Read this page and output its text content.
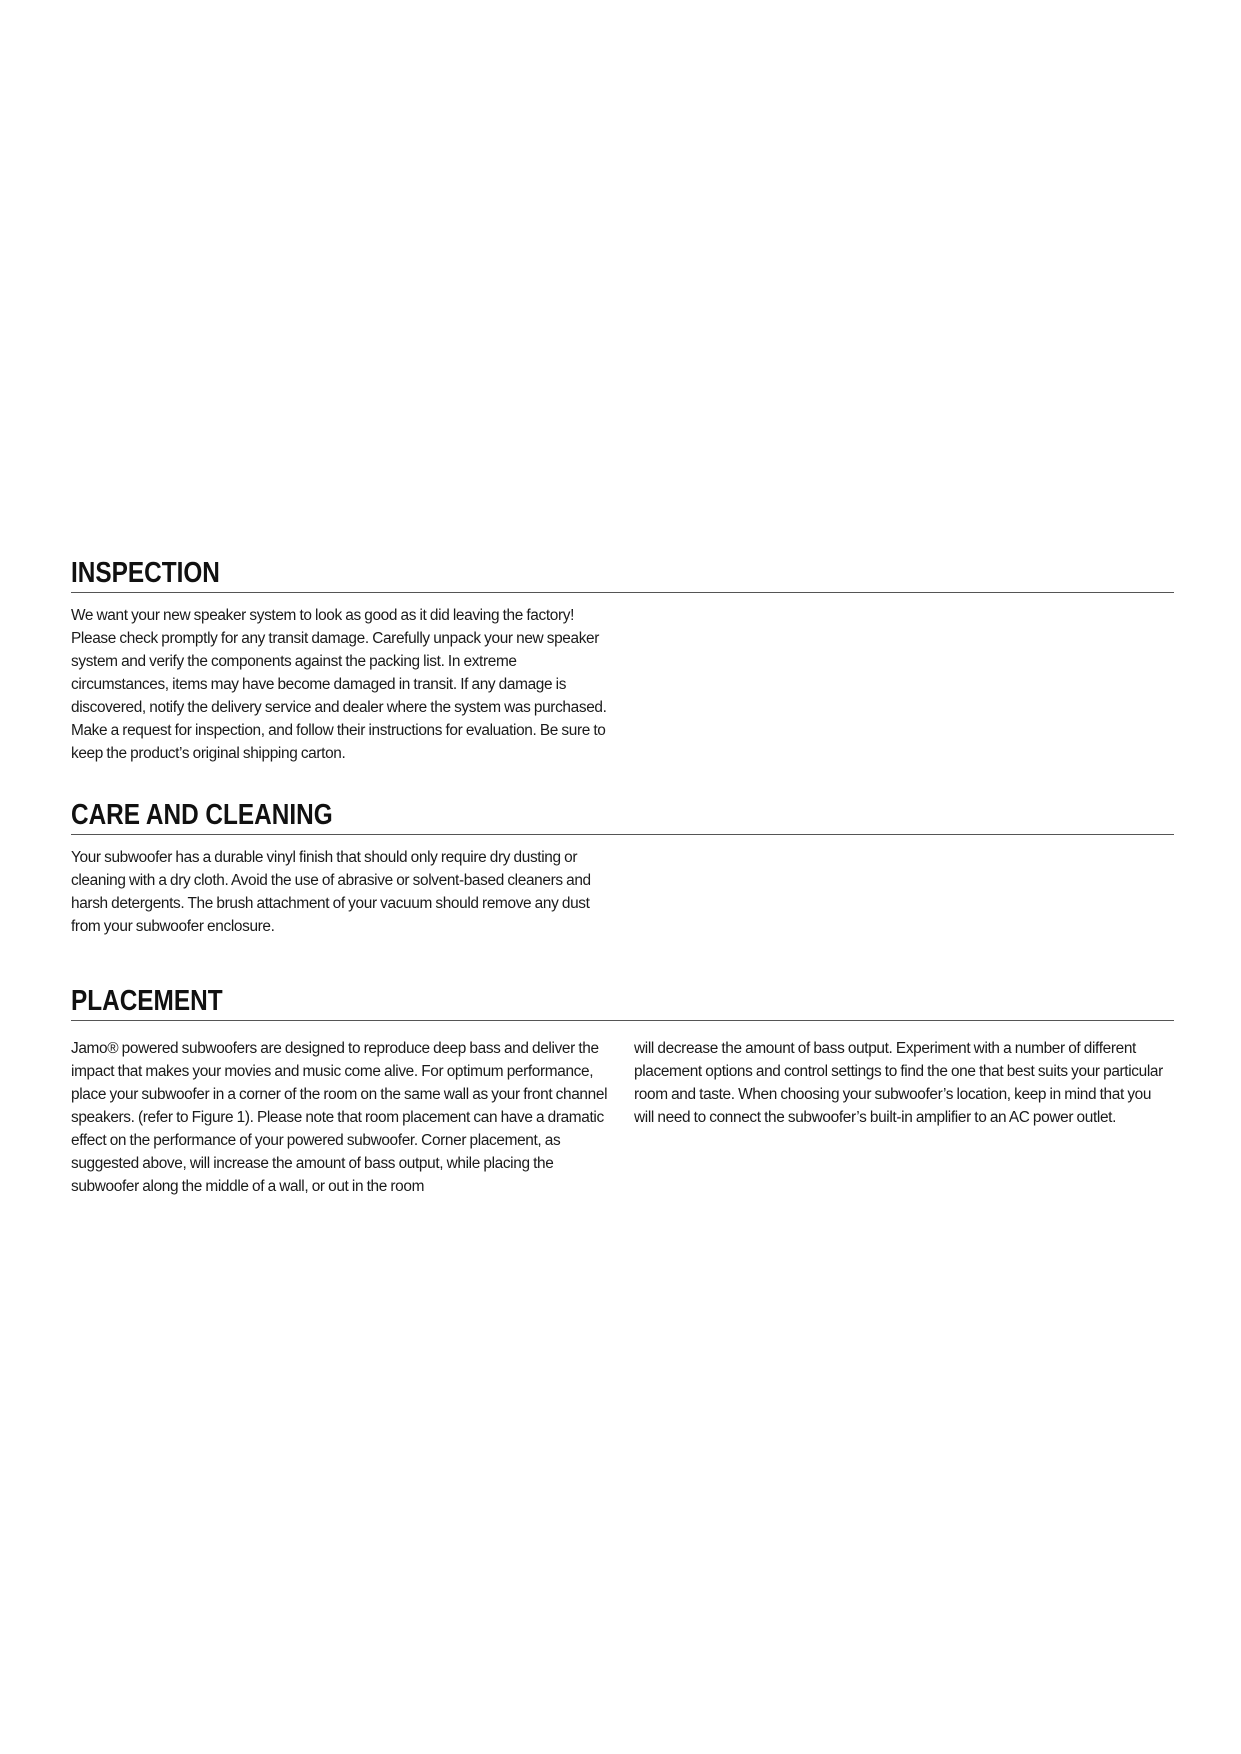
INSPECTION

We want your new speaker system to look as good as it did leaving the factory! Please check promptly for any transit damage. Carefully unpack your new speaker system and verify the components against the packing list. In extreme circumstances, items may have become damaged in transit. If any damage is discovered, notify the delivery service and dealer where the system was purchased. Make a request for inspection, and follow their instructions for evaluation. Be sure to keep the product’s original shipping carton.

CARE AND CLEANING

Your subwoofer has a durable vinyl finish that should only require dry dusting or cleaning with a dry cloth. Avoid the use of abrasive or solvent-based cleaners and harsh detergents. The brush attachment of your vacuum should remove any dust from your subwoofer enclosure.

PLACEMENT

Jamo® powered subwoofers are designed to reproduce deep bass and deliver the impact that makes your movies and music come alive. For optimum performance, place your subwoofer in a corner of the room on the same wall as your front channel speakers. (refer to Figure 1). Please note that room placement can have a dramatic effect on the performance of your powered subwoofer. Corner placement, as suggested above, will increase the amount of bass output, while placing the subwoofer along the middle of a wall, or out in the room

will decrease the amount of bass output. Experiment with a number of different placement options and control settings to find the one that best suits your particular room and taste. When choosing your subwoofer’s location, keep in mind that you will need to connect the subwoofer’s built-in amplifier to an AC power outlet.
